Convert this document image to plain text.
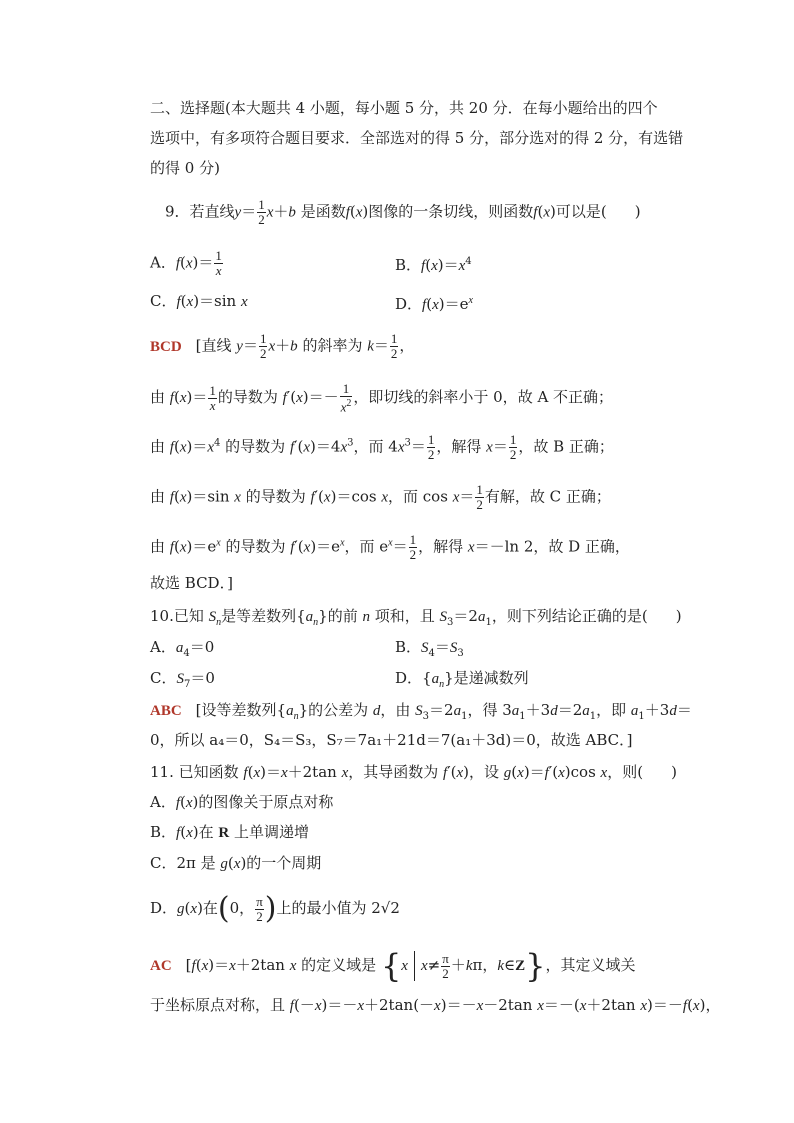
二、选择题(本大题共 4 小题，每小题 5 分，共 20 分．在每小题给出的四个
选项中，有多项符合题目要求．全部选对的得 5 分，部分选对的得 2 分，有选错
的得 0 分)
9．若直线$y= \frac{1}{2} x+b$ 是函数f(x)图像的一条切线，则函数f(x)可以是( )
A．$f(x)= \frac{1}{x}$	B．$f(x)=x^4$
C．f(x)＝sin x	D．$f(x)=e^x$
BCD [直线 $y= \frac{1}{2} x+b$ 的斜率为 $k= \frac{1}{2}$ ，
由 $f(x)= \frac{1}{x}$ 的导数为 $f'(x)=- \frac{1}{x^2}$ ，即切线的斜率小于 0，故 A 不正确；
由 $f(x)=x^4$ 的导数为 $f'(x)=4x^3$，而 $4x^3= \frac{1}{2}$ ，解得 $x= \frac{1}{2}$ ，故 B 正确；
由 f(x)＝sin x 的导数为 f′(x)＝cos x，而 $\cos x= \frac{1}{2}$ 有解，故 C 正确；
由 $f(x)=e^x$ 的导数为 $f'(x)=e^x$，而 $e^x= \frac{1}{2}$ ，解得 x＝－ln 2，故 D 正确，
故选 BCD．]
10.已知 $S_n$是等差数列$\{a_n\}$的前 n 项和，且 $S_3=2a_1$，则下列结论正确的是( )
A．$a_4=0$	B．$S_4=S_3$
C．$S_7=0$	D．$\{a_n\}$是递减数列
ABC [设等差数列$\{a_n\}$的公差为 d，由 $S_3=2a_1$，得 $3a_1+3d=2a_1$，即 $a_1+3d=$
0，所以 a₄＝0，S₄＝S₃，S₇＝7a₁＋21d＝7(a₁＋3d)＝0，故选 ABC．]
11. 已知函数 f(x)＝x＋2tan x，其导函数为 f′(x)，设 g(x)＝f′(x)cos x，则( )
A．f(x)的图像关于原点对称
B．f(x)在 R 上单调递增
C．2π 是 g(x)的一个周期
D．g(x)在(0， $\frac{\pi}{2}$ )上的最小值为 2√2
AC [f(x)＝x＋2tan x 的定义域是 {x $x\ne \frac{\pi}{2} +k\pi$，k∈Z}，其定义域关
于坐标原点对称，且 f(－x)＝－x＋2tan(－x)＝－x－2tan x＝－(x＋2tan x)＝－f(x)，
